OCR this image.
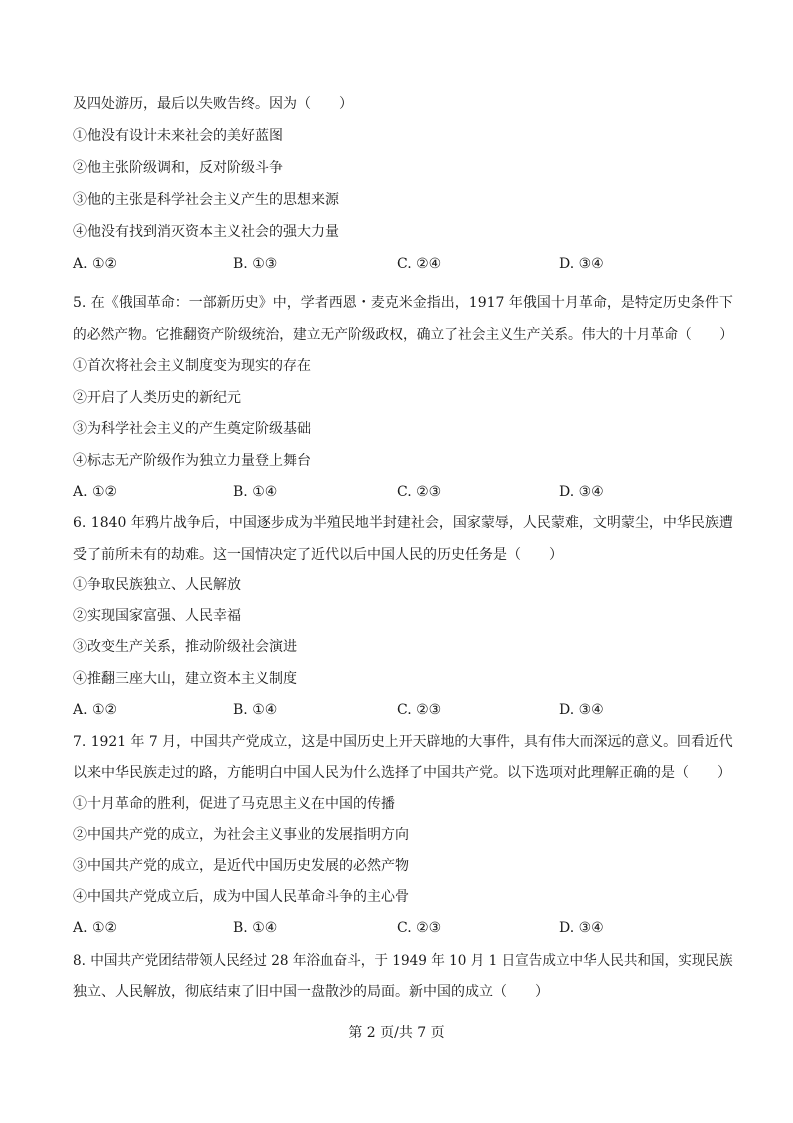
及四处游历，最后以失败告终。因为（　　）
①他没有设计未来社会的美好蓝图
②他主张阶级调和，反对阶级斗争
③他的主张是科学社会主义产生的思想来源
④他没有找到消灭资本主义社会的强大力量
A. ①②	B. ①③	C. ②④	D. ③④
5. 在《俄国革命：一部新历史》中，学者西恩・麦克米金指出，1917 年俄国十月革命，是特定历史条件下
的必然产物。它推翻资产阶级统治，建立无产阶级政权，确立了社会主义生产关系。伟大的十月革命（　　）
①首次将社会主义制度变为现实的存在
②开启了人类历史的新纪元
③为科学社会主义的产生奠定阶级基础
④标志无产阶级作为独立力量登上舞台
A. ①②	B. ①④	C. ②③	D. ③④
6. 1840 年鸦片战争后，中国逐步成为半殖民地半封建社会，国家蒙辱，人民蒙难，文明蒙尘，中华民族遭
受了前所未有的劫难。这一国情决定了近代以后中国人民的历史任务是（　　）
①争取民族独立、人民解放
②实现国家富强、人民幸福
③改变生产关系，推动阶级社会演进
④推翻三座大山，建立资本主义制度
A. ①②	B. ①④	C. ②③	D. ③④
7. 1921 年 7 月，中国共产党成立，这是中国历史上开天辟地的大事件，具有伟大而深远的意义。回看近代
以来中华民族走过的路，方能明白中国人民为什么选择了中国共产党。以下选项对此理解正确的是（　　）
①十月革命的胜利，促进了马克思主义在中国的传播
②中国共产党的成立，为社会主义事业的发展指明方向
③中国共产党的成立，是近代中国历史发展的必然产物
④中国共产党成立后，成为中国人民革命斗争的主心骨
A. ①②	B. ①④	C. ②③	D. ③④
8. 中国共产党团结带领人民经过 28 年浴血奋斗，于 1949 年 10 月 1 日宣告成立中华人民共和国，实现民族
独立、人民解放，彻底结束了旧中国一盘散沙的局面。新中国的成立（　　）
第 2 页/共 7 页
